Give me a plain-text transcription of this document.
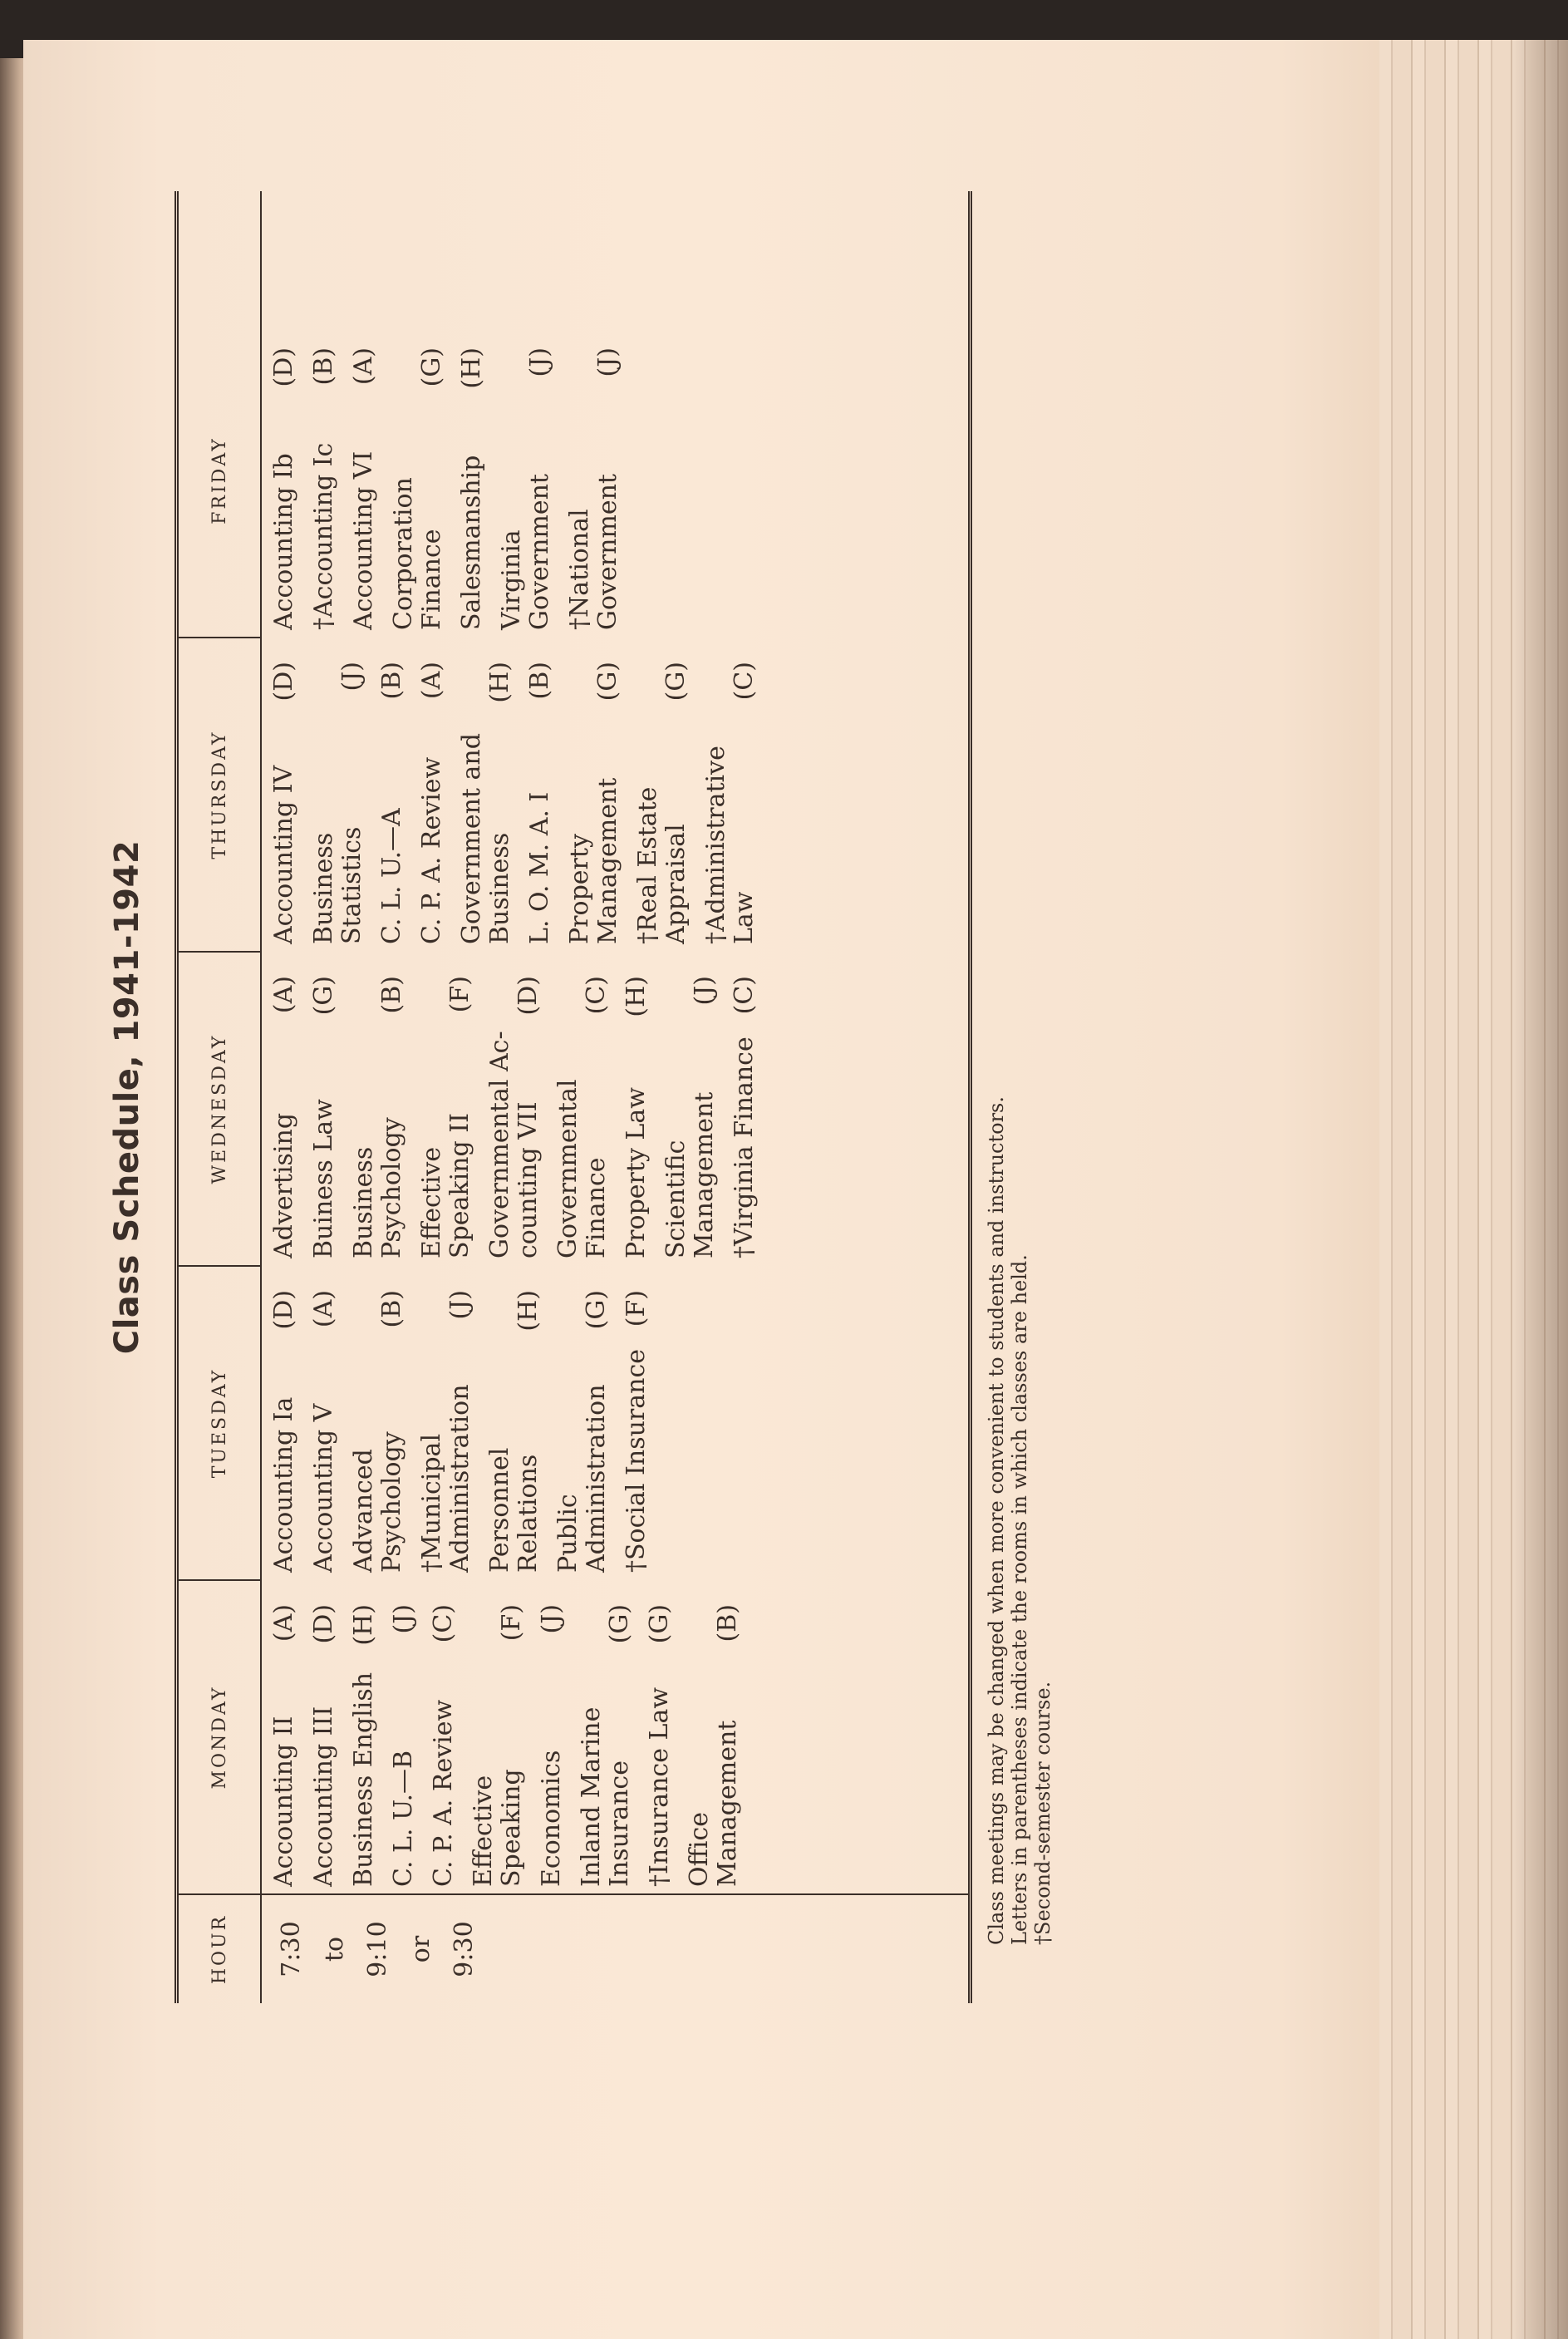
Class Schedule, 1941-1942
HOUR
MONDAY
TUESDAY
WEDNESDAY
THURSDAY
FRIDAY
7:30 to 9:10 or 9:30
Accounting II
(A)
Accounting III
(D)
Business English
(H)
C. L. U.—B
(J)
C. P. A. Review
(C)
Effective Speaking
(F)
Economics
(J)
Inland Marine Insurance
(G)
†Insurance Law
(G)
Office Management
(B)
Accounting Ia
(D)
Accounting V
(A)
Advanced Psychology
(B)
†Municipal Administration
(J)
Personnel Relations
(H)
Public Administration
(G)
†Social Insurance
(F)
Advertising
(A)
Buiness Law
(G)
Business Psychology
(B)
Effective Speaking II
(F)
Governmental Ac- counting VII
(D)
Governmental Finance
(C)
Property Law
(H)
Scientific Management
(J)
†Virginia Finance
(C)
Accounting IV
(D)
Business Statistics
(J)
C. L. U.—A
(B)
C. P. A. Review
(A)
Government and Business
(H)
L. O. M. A. I
(B)
Property Management
(G)
†Real Estate Appraisal
(G)
†Administrative Law
(C)
Accounting Ib
(D)
†Accounting Ic
(B)
Accounting VI
(A)
Corporation Finance
(G)
Salesmanship
(H)
Virginia Government
(J)
†National Government
(J)
Class meetings may be changed when more convenient to students and instructors. Letters in parentheses indicate the rooms in which classes are held. †Second-semester course.
